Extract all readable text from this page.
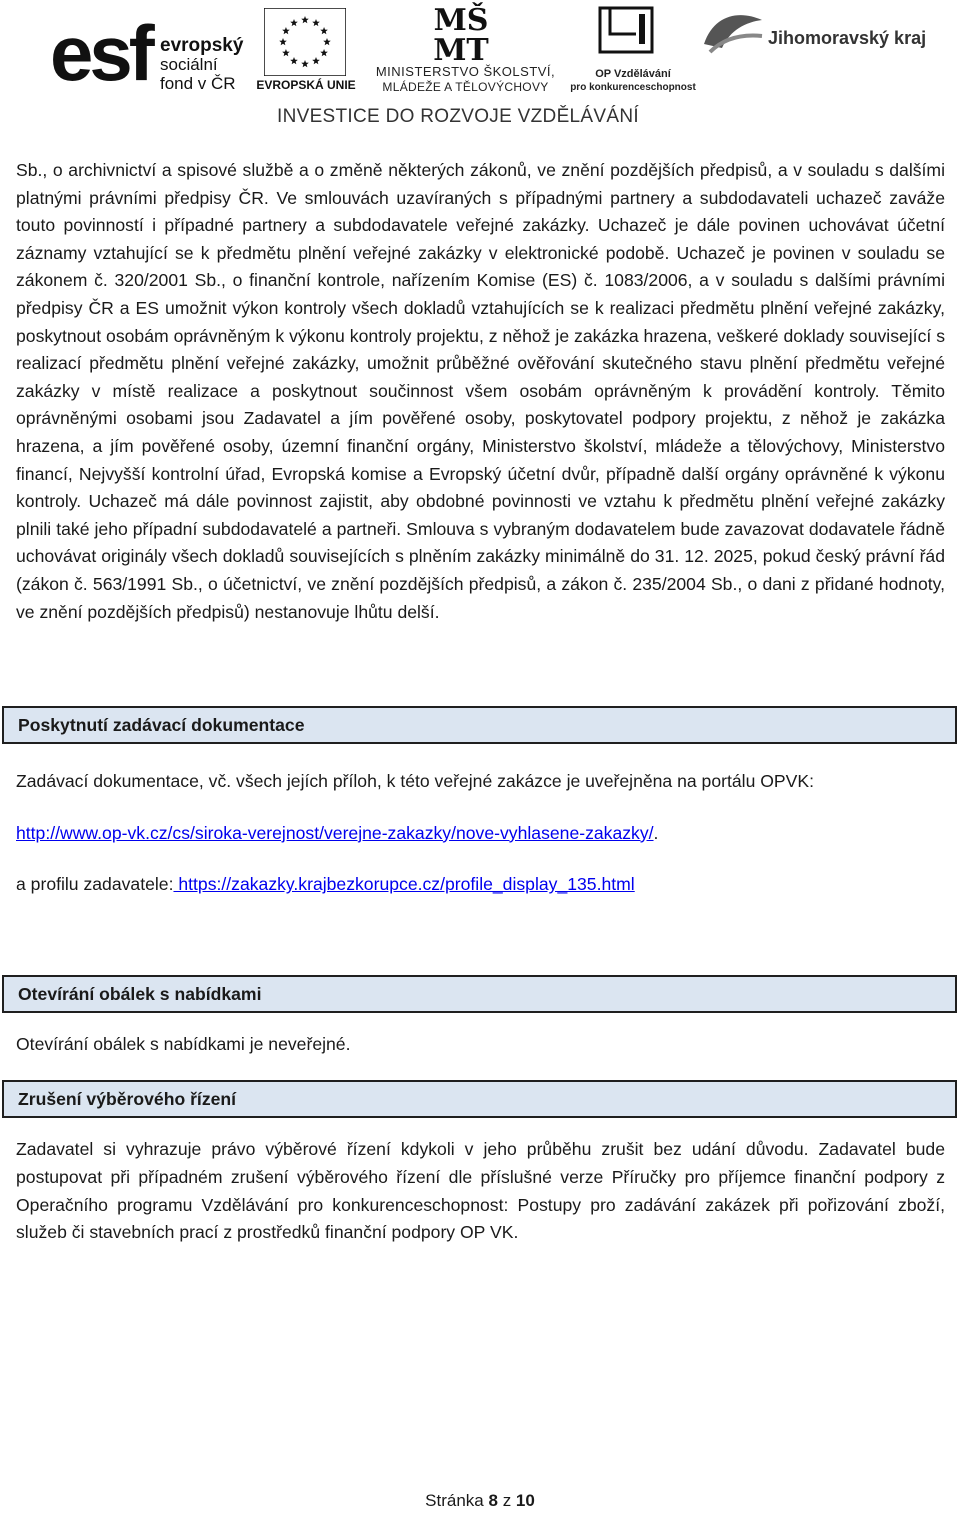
esf evropský
sociální
fond v ČR	EVROPSKÁ UNIE
MŠ
MT
MINISTERSTVO ŠKOLSTVÍ,
MLÁDEŽE A TĚLOVÝCHOVY
OP Vzdělávání
pro konkurenceschopnost
Jihomoravský kraj
INVESTICE DO ROZVOJE VZDĚLÁVÁNÍ

Sb., o archivnictví a spisové službě a o změně některých zákonů, ve znění pozdějších předpisů, a v souladu s dalšími platnými právními předpisy ČR. Ve smlouvách uzavíraných s případnými partnery a subdodavateli uchazeč zaváže touto povinností i případné partnery a subdodavatele veřejné zakázky. Uchazeč je dále povinen uchovávat účetní záznamy vztahující se k předmětu plnění veřejné zakázky v elektronické podobě. Uchazeč je povinen v souladu se zákonem č. 320/2001 Sb., o finanční kontrole, nařízením Komise (ES) č. 1083/2006, a v souladu s dalšími právními předpisy ČR a ES umožnit výkon kontroly všech dokladů vztahujících se k realizaci předmětu plnění veřejné zakázky, poskytnout osobám oprávněným k výkonu kontroly projektu, z něhož je zakázka hrazena, veškeré doklady související s realizací předmětu plnění veřejné zakázky, umožnit průběžné ověřování skutečného stavu plnění předmětu veřejné zakázky v místě realizace a poskytnout součinnost všem osobám oprávněným k provádění kontroly. Těmito oprávněnými osobami jsou Zadavatel a jím pověřené osoby, poskytovatel podpory projektu, z něhož je zakázka hrazena, a jím pověřené osoby, územní finanční orgány, Ministerstvo školství, mládeže a tělovýchovy, Ministerstvo financí, Nejvyšší kontrolní úřad, Evropská komise a Evropský účetní dvůr, případně další orgány oprávněné k výkonu kontroly. Uchazeč má dále povinnost zajistit, aby obdobné povinnosti ve vztahu k předmětu plnění veřejné zakázky plnili také jeho případní subdodavatelé a partneři. Smlouva s vybraným dodavatelem bude zavazovat dodavatele řádně uchovávat originály všech dokladů souvisejících s plněním zakázky minimálně do 31. 12. 2025, pokud český právní řád (zákon č. 563/1991 Sb., o účetnictví, ve znění pozdějších předpisů, a zákon č. 235/2004 Sb., o dani z přidané hodnoty, ve znění pozdějších předpisů) nestanovuje lhůtu delší.

Poskytnutí zadávací dokumentace

Zadávací dokumentace, vč. všech jejích příloh, k této veřejné zakázce je uveřejněna na portálu OPVK:

http://www.op-vk.cz/cs/siroka-verejnost/verejne-zakazky/nove-vyhlasene-zakazky/.

a profilu zadavatele: https://zakazky.krajbezkorupce.cz/profile_display_135.html

Otevírání obálek s nabídkami

Otevírání obálek s nabídkami je neveřejné.

Zrušení výběrového řízení

Zadavatel si vyhrazuje právo výběrové řízení kdykoli v jeho průběhu zrušit bez udání důvodu. Zadavatel bude postupovat při případném zrušení výběrového řízení dle příslušné verze Příručky pro příjemce finanční podpory z Operačního programu Vzdělávání pro konkurenceschopnost: Postupy pro zadávání zakázek při pořizování zboží, služeb či stavebních prací z prostředků finanční podpory OP VK.

Stránka 8 z 10
